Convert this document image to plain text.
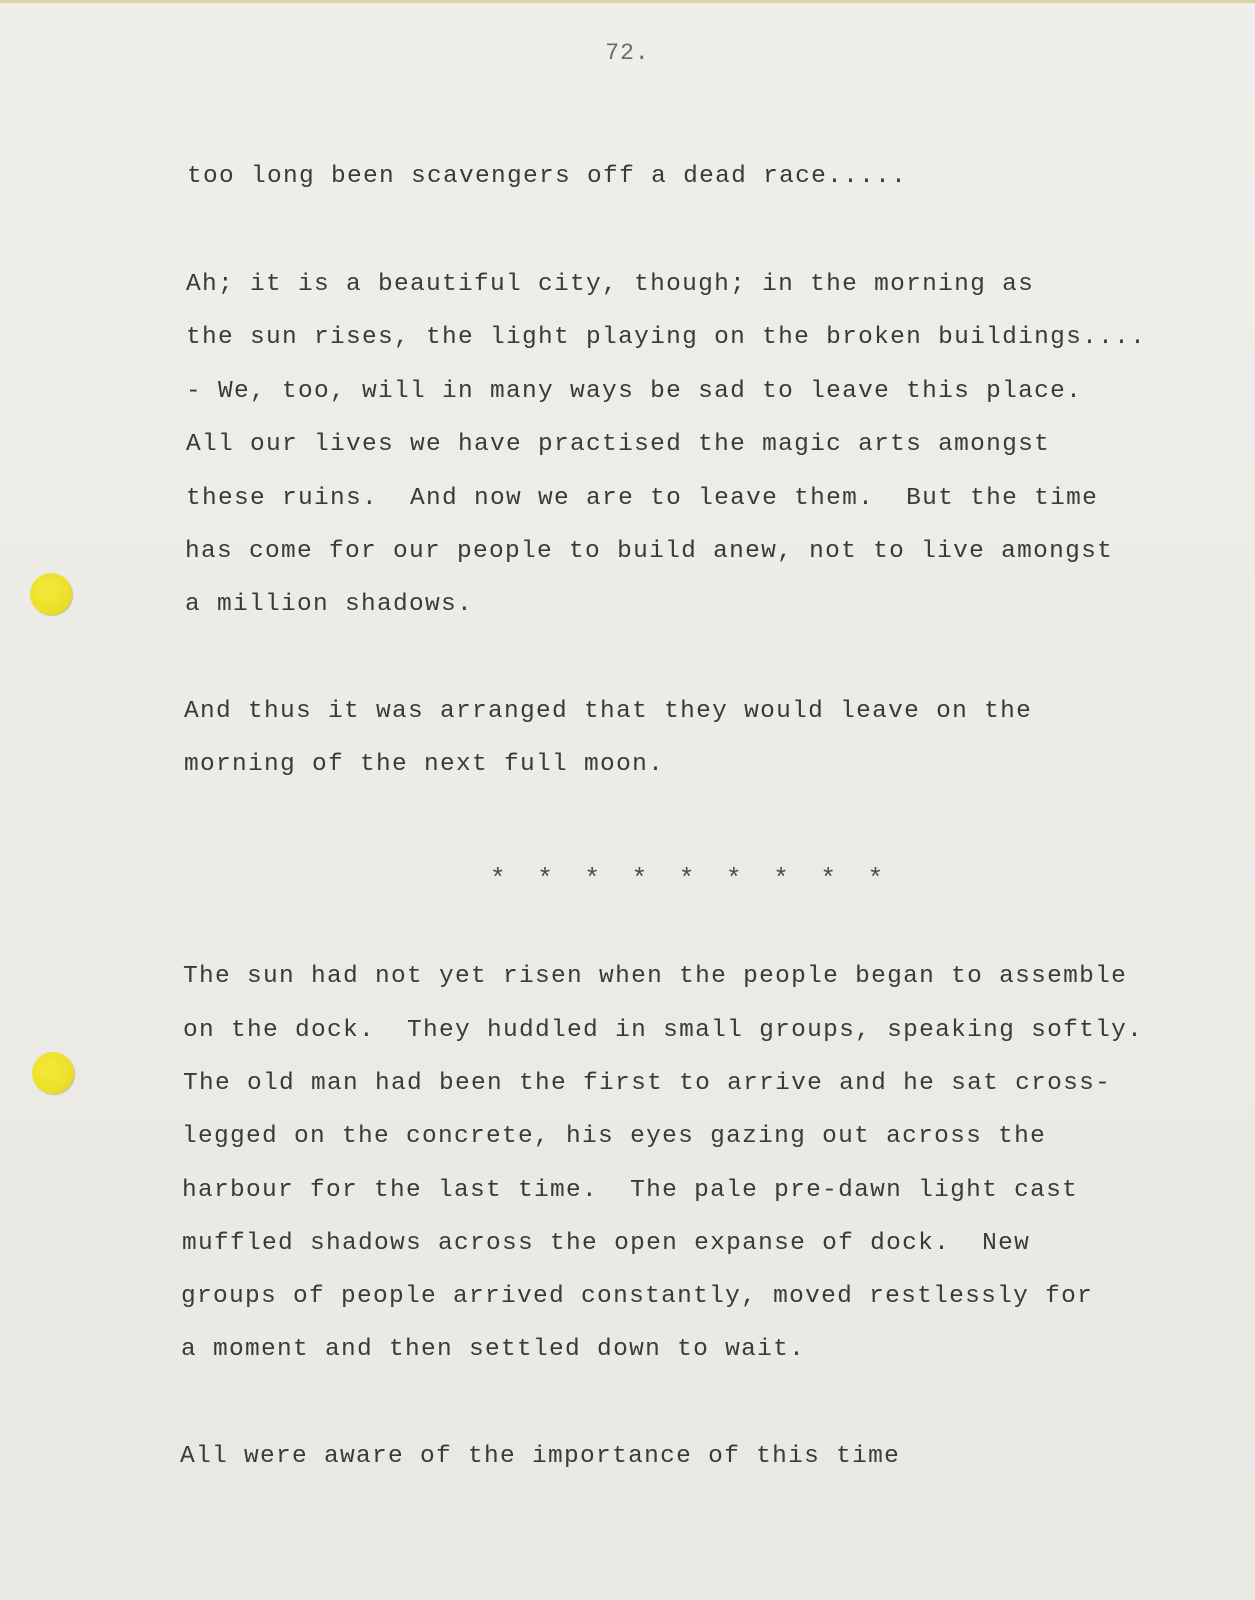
72.
too long been scavengers off a dead race.....
Ah; it is a beautiful city, though; in the morning as
the sun rises, the light playing on the broken buildings....
- We, too, will in many ways be sad to leave this place.
All our lives we have practised the magic arts amongst
these ruins.  And now we are to leave them.  But the time
has come for our people to build anew, not to live amongst
a million shadows.
And thus it was arranged that they would leave on the
morning of the next full moon.
* * * * * * * * *
The sun had not yet risen when the people began to assemble
on the dock.  They huddled in small groups, speaking softly.
The old man had been the first to arrive and he sat cross-
legged on the concrete, his eyes gazing out across the
harbour for the last time.  The pale pre-dawn light cast
muffled shadows across the open expanse of dock.  New
groups of people arrived constantly, moved restlessly for
a moment and then settled down to wait.
All were aware of the importance of this time
